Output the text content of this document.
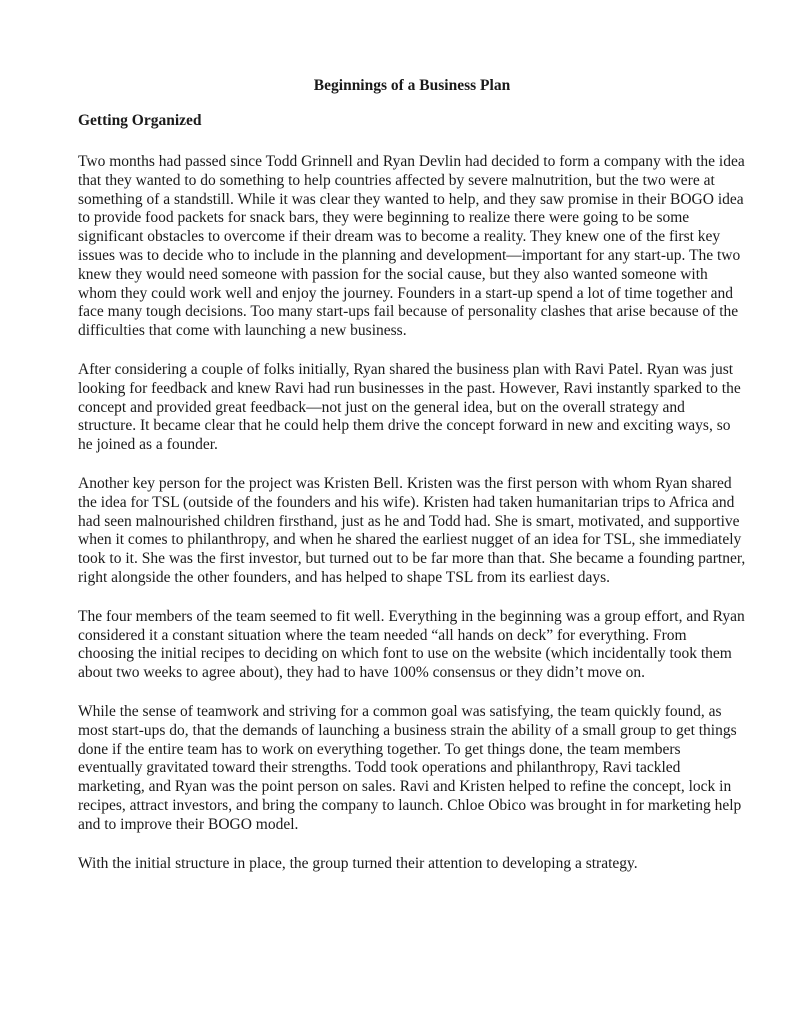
Beginnings of a Business Plan
Getting Organized

Two months had passed since Todd Grinnell and Ryan Devlin had decided to form a company with the idea that they wanted to do something to help countries affected by severe malnutrition, but the two were at something of a standstill. While it was clear they wanted to help, and they saw promise in their BOGO idea to provide food packets for snack bars, they were beginning to realize there were going to be some significant obstacles to overcome if their dream was to become a reality. They knew one of the first key issues was to decide who to include in the planning and development—important for any start-up. The two knew they would need someone with passion for the social cause, but they also wanted someone with whom they could work well and enjoy the journey. Founders in a start-up spend a lot of time together and face many tough decisions. Too many start-ups fail because of personality clashes that arise because of the difficulties that come with launching a new business.

After considering a couple of folks initially, Ryan shared the business plan with Ravi Patel. Ryan was just looking for feedback and knew Ravi had run businesses in the past. However, Ravi instantly sparked to the concept and provided great feedback—not just on the general idea, but on the overall strategy and structure. It became clear that he could help them drive the concept forward in new and exciting ways, so he joined as a founder.

Another key person for the project was Kristen Bell. Kristen was the first person with whom Ryan shared the idea for TSL (outside of the founders and his wife). Kristen had taken humanitarian trips to Africa and had seen malnourished children firsthand, just as he and Todd had. She is smart, motivated, and supportive when it comes to philanthropy, and when he shared the earliest nugget of an idea for TSL, she immediately took to it. She was the first investor, but turned out to be far more than that. She became a founding partner, right alongside the other founders, and has helped to shape TSL from its earliest days.

The four members of the team seemed to fit well. Everything in the beginning was a group effort, and Ryan considered it a constant situation where the team needed “all hands on deck” for everything. From choosing the initial recipes to deciding on which font to use on the website (which incidentally took them about two weeks to agree about), they had to have 100% consensus or they didn’t move on.

While the sense of teamwork and striving for a common goal was satisfying, the team quickly found, as most start-ups do, that the demands of launching a business strain the ability of a small group to get things done if the entire team has to work on everything together. To get things done, the team members eventually gravitated toward their strengths. Todd took operations and philanthropy, Ravi tackled marketing, and Ryan was the point person on sales. Ravi and Kristen helped to refine the concept, lock in recipes, attract investors, and bring the company to launch. Chloe Obico was brought in for marketing help and to improve their BOGO model.

With the initial structure in place, the group turned their attention to developing a strategy.
